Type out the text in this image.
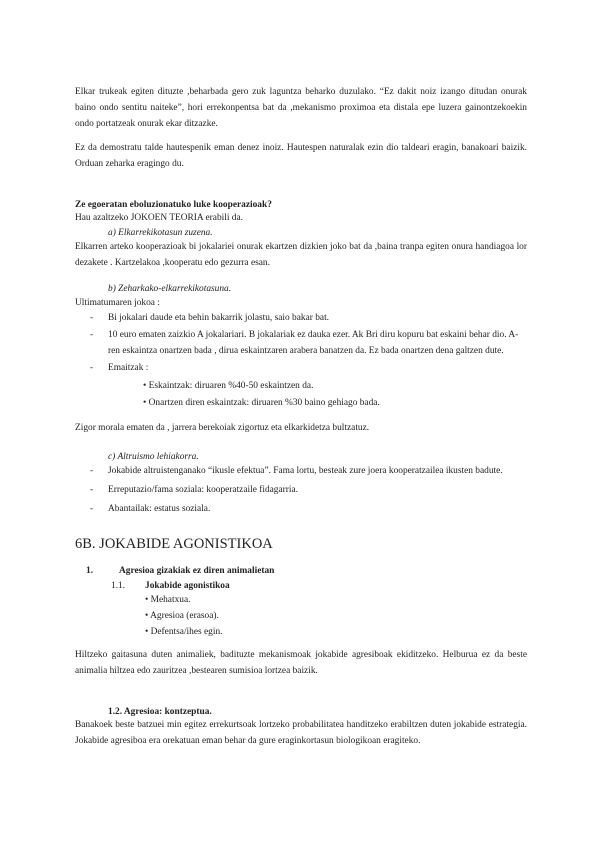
Elkar trukeak egiten dituzte ,beharbada gero zuk laguntza beharko duzulako. “Ez dakit noiz izango ditudan onurak baino ondo sentitu naiteke”, hori errekonpentsa bat da ,mekanismo proximoa eta distala epe luzera gainontzekoekin ondo portatzeak onurak ekar ditzazke.

Ez da demostratu talde hautespenik eman denez inoiz. Hautespen naturalak ezin dio taldeari eragin, banakoari baizik. Orduan zeharka eragingo du.

Ze egoeratan eboluzionatuko luke kooperazioak?

Hau azaltzeko JOKOEN TEORIA erabili da.

a) Elkarrekikotasun zuzena.

Elkarren arteko kooperazioak bi jokalariei onurak ekartzen dizkien joko bat da ,baina tranpa egiten onura handiagoa lor dezakete . Kartzelakoa ,kooperatu edo gezurra esan.

b) Zeharkako-elkarrekikotasuna.

Ultimatumaren jokoa :

- Bi jokalari daude eta behin bakarrik jolastu, saio bakar bat.
- 10 euro ematen zaizkio A jokalariari. B jokalariak ez dauka ezer. Ak Bri diru kopuru bat eskaini behar dio. A-ren eskaintza onartzen bada , dirua eskaintzaren arabera banatzen da. Ez bada onartzen dena galtzen dute.
- Emaitzak :
• Eskaintzak: diruaren %40-50 eskaintzen da.
• Onartzen diren eskaintzak: diruaren %30 baino gehiago bada.

Zigor morala ematen da , jarrera berekoiak zigortuz eta elkarkidetza bultzatuz.

c) Altruismo lehiakorra.

- Jokabide altruistenganako “ikusle efektua”. Fama lortu, besteak zure joera kooperatzailea ikusten badute.
- Erreputazio/fama soziala: kooperatzaile fidagarria.
- Abantailak: estatus soziala.

6B. JOKABIDE AGONISTIKOA

1.	Agresioa gizakiak ez diren animalietan
1.1. Jokabide agonistikoa
• Mehatxua.
• Agresioa (erasoa).
• Defentsa/ihes egin.

Hiltzeko gaitasuna duten animaliek, badituzte mekanismoak jokabide agresiboak ekiditzeko. Helburua ez da beste animalia hiltzea edo zauritzea ,bestearen sumisioa lortzea baizik.

1.2. Agresioa: kontzeptua.

Banakoek beste batzuei min egitez errekurtsoak lortzeko probabilitatea handitzeko erabiltzen duten jokabide estrategia. Jokabide agresiboa era orekatuan eman behar da gure eraginkortasun biologikoan eragiteko.
